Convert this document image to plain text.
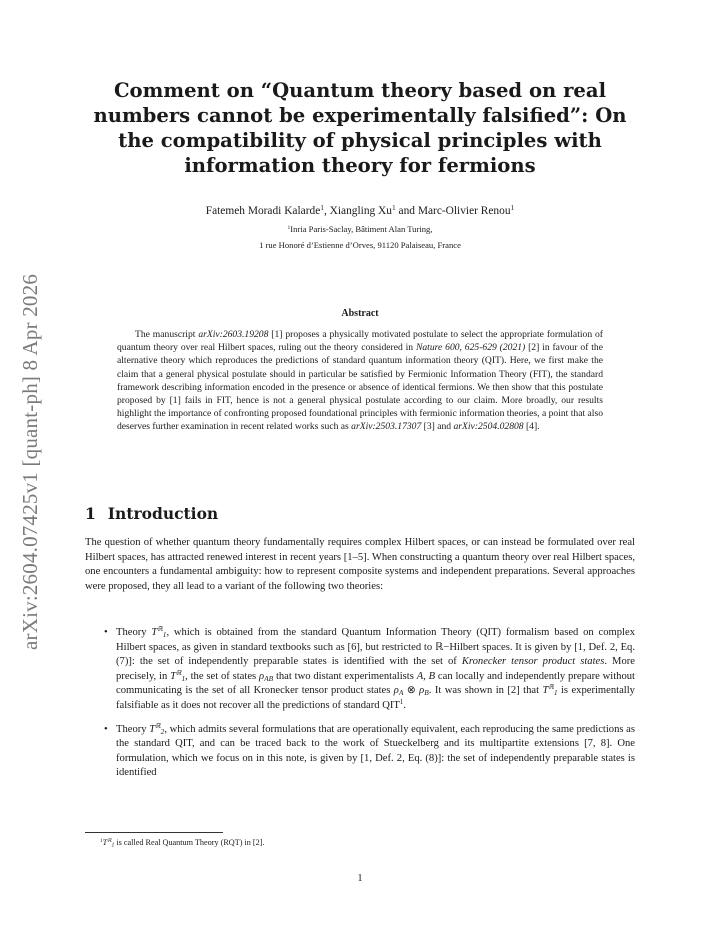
arXiv:2604.07425v1 [quant-ph] 8 Apr 2026
Comment on “Quantum theory based on real numbers cannot be experimentally falsified”: On the compatibility of physical principles with information theory for fermions
Fatemeh Moradi Kalarde$^1$, Xiangling Xu$^1$ and Marc-Olivier Renou$^1$
$^1$Inria Paris-Saclay, Bâtiment Alan Turing,
1 rue Honoré d’Estienne d’Orves, 91120 Palaiseau, France
Abstract

The manuscript arXiv:2603.19208 [1] proposes a physically motivated postulate to select the appropriate formulation of quantum theory over real Hilbert spaces, ruling out the theory considered in Nature 600, 625-629 (2021) [2] in favour of the alternative theory which reproduces the predictions of standard quantum information theory (QIT). Here, we first make the claim that a general physical postulate should in particular be satisfied by Fermionic Information Theory (FIT), the standard framework describing information encoded in the presence or absence of identical fermions. We then show that this postulate proposed by [1] fails in FIT, hence is not a general physical postulate according to our claim. More broadly, our results highlight the importance of confronting proposed foundational principles with fermionic information theories, a point that also deserves further examination in recent related works such as arXiv:2503.17307 [3] and arXiv:2504.02808 [4].

1 Introduction

The question of whether quantum theory fundamentally requires complex Hilbert spaces, or can instead be formulated over real Hilbert spaces, has attracted renewed interest in recent years [1–5]. When constructing a quantum theory over real Hilbert spaces, one encounters a fundamental ambiguity: how to represent composite systems and independent preparations. Several approaches were proposed, they all lead to a variant of the following two theories:

• Theory $T^ℝ_1$, which is obtained from the standard Quantum Information Theory (QIT) formalism based on complex Hilbert spaces, as given in standard textbooks such as [6], but restricted to ℝ−Hilbert spaces. It is given by [1, Def. 2, Eq. (7)]: the set of independently preparable states is identified with the set of Kronecker tensor product states. More precisely, in $T^ℝ_1$, the set of states $\rho_{AB}$ that two distant experimentalists A, B can locally and independently prepare without communicating is the set of all Kronecker tensor product states $\rho_A$ ⊗ $\rho_B$. It was shown in [2] that $T^ℝ_1$ is experimentally falsifiable as it does not recover all the predictions of standard QIT$^1$.
• Theory $T^ℝ_2$, which admits several formulations that are operationally equivalent, each reproducing the same predictions as the standard QIT, and can be traced back to the work of Stueckelberg and its multipartite extensions [7, 8]. One formulation, which we focus on in this note, is given by [1, Def. 2, Eq. (8)]: the set of independently preparable states is identified
$^1T^ℝ_1$ is called Real Quantum Theory (RQT) in [2].
1
